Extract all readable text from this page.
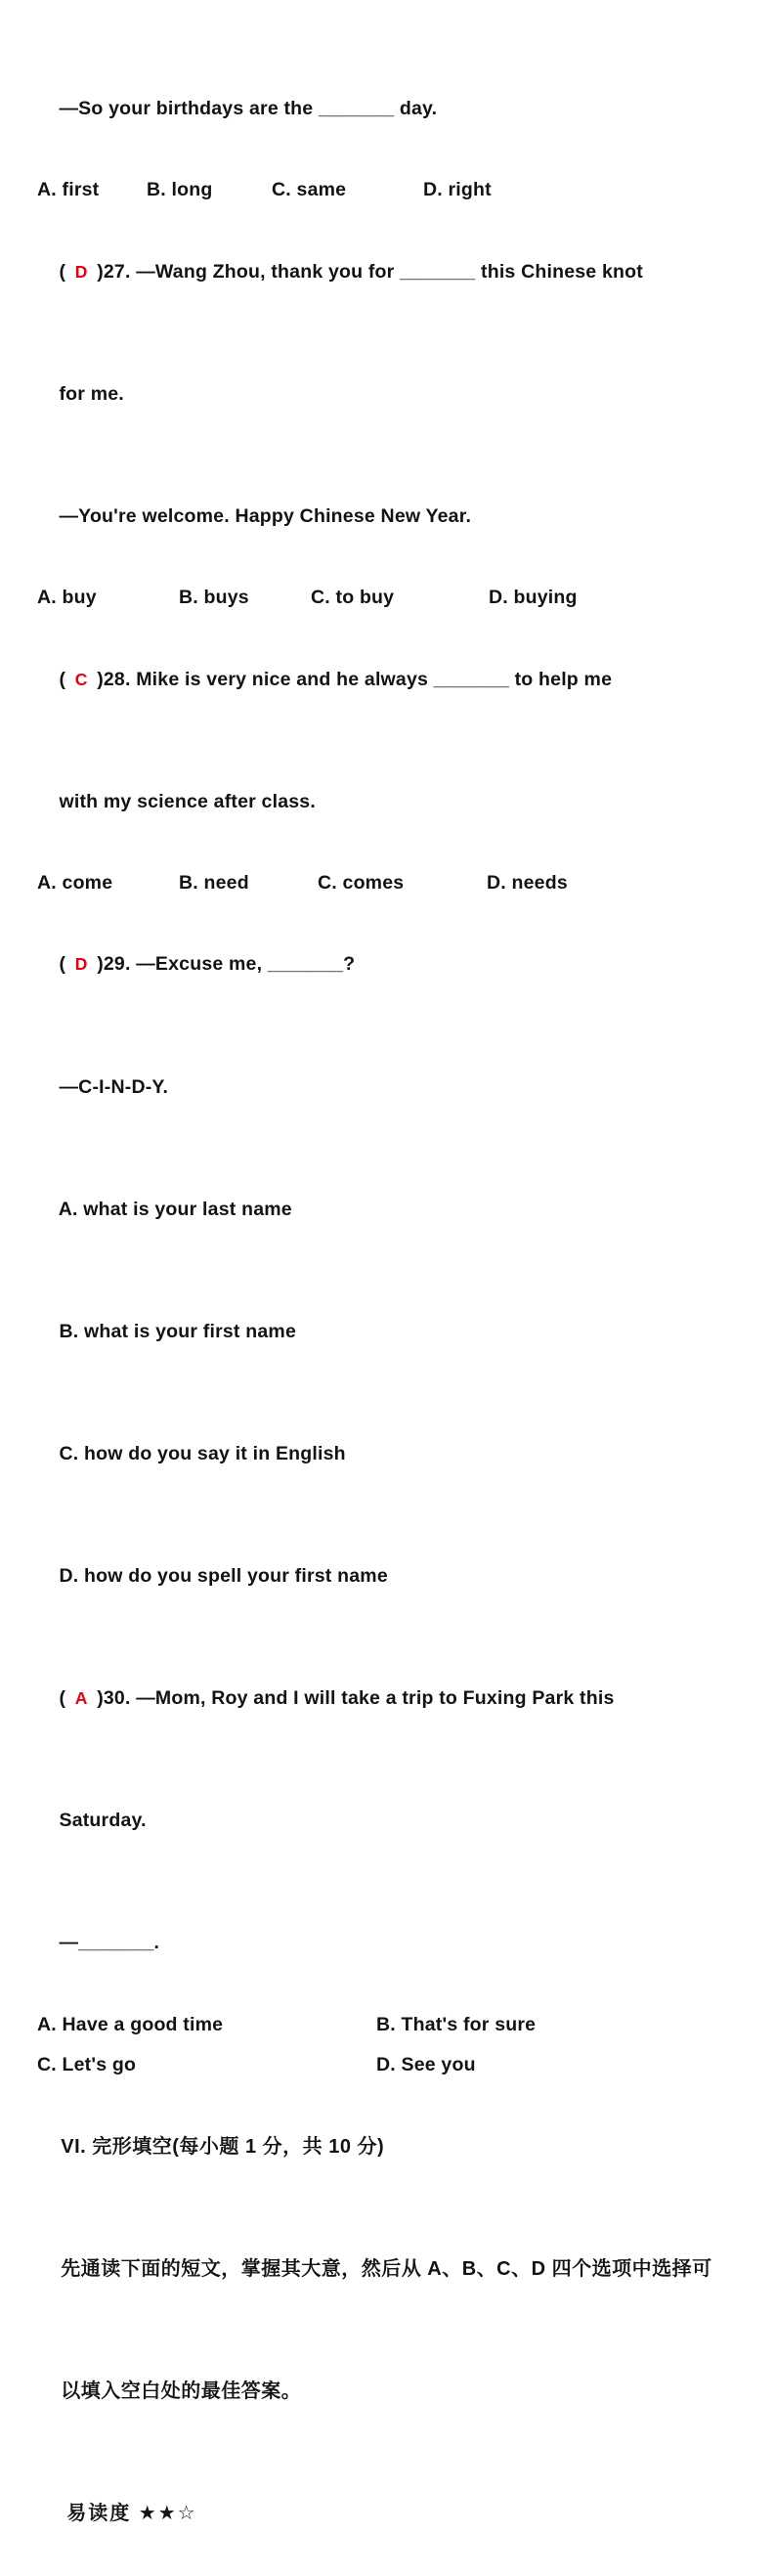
—So your birthdays are the _______ day.

A. first	B. long	C. same	D. right

( D )27. —Wang Zhou, thank you for _______ this Chinese knot

for me.

—You're welcome. Happy Chinese New Year.

A. buy	B. buys	C. to buy	D. buying

( C )28. Mike is very nice and he always _______ to help me

with my science after class.

A. come	B. need	C. comes	D. needs

( D )29. —Excuse me, _______?

—C-I-N-D-Y.

A. what is your last name

B. what is your first name

C. how do you say it in English

D. how do you spell your first name

( A )30. —Mom, Roy and I will take a trip to Fuxing Park this

Saturday.

—_______.

A. Have a good time	B. That's for sure
C. Let's go	D. See you

VI. 完形填空(每小题 1 分，共 10 分)

先通读下面的短文，掌握其大意，然后从 A、B、C、D 四个选项中选择可

以填入空白处的最佳答案。

易读度 ★★☆
